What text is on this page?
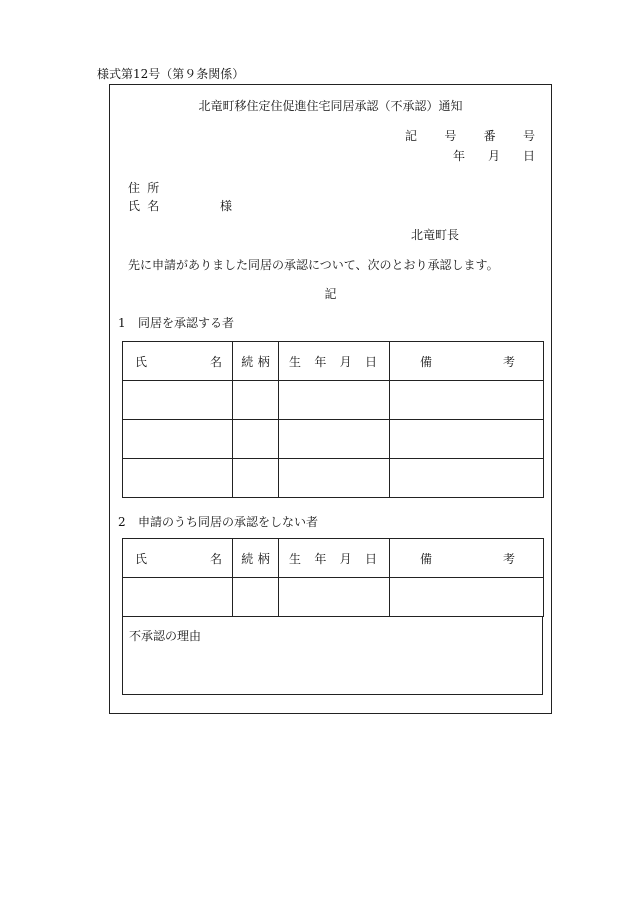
様式第12号（第９条関係）
北竜町移住定住促進住宅同居承認（不承認）通知
記 号 番 号
年 月 日
住所
氏名	様
北竜町長
先に申請がありました同居の承認について、次のとおり承認します。
記
1 同居を承認する者
氏 名	続 柄	生 年 月 日	備 考

2 申請のうち同居の承認をしない者
氏 名	続 柄	生 年 月 日	備 考

不承認の理由
